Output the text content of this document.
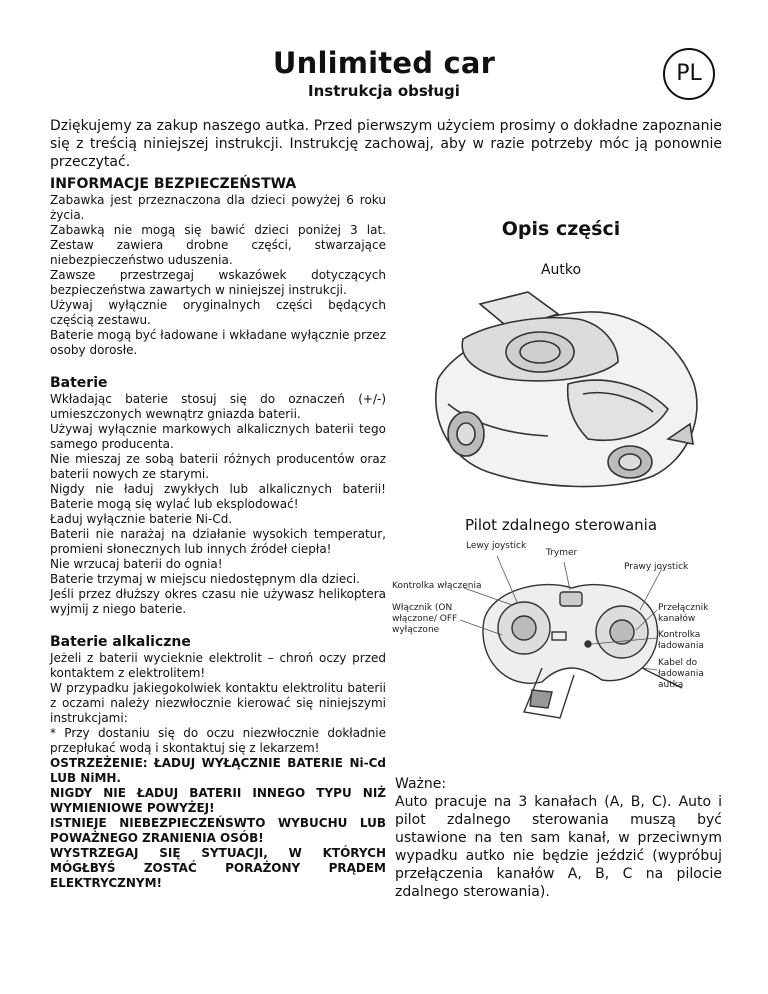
Unlimited car
Instrukcja obsługi
PL

Dziękujemy za zakup naszego autka. Przed pierwszym użyciem prosimy o dokładne zapoznanie się z treścią niniejszej instrukcji. Instrukcję zachowaj, aby w razie potrzeby móc ją ponownie przeczytać.

INFORMACJE BEZPIECZEŃSTWA

Zabawka jest przeznaczona dla dzieci powyżej 6 roku życia.

Zabawką nie mogą się bawić dzieci poniżej 3 lat. Zestaw zawiera drobne części, stwarzające niebezpieczeństwo uduszenia.

Zawsze przestrzegaj wskazówek dotyczących bezpieczeństwa zawartych w niniejszej instrukcji.

Używaj wyłącznie oryginalnych części będących częścią zestawu.

Baterie mogą być ładowane i wkładane wyłącznie przez osoby dorosłe.

Baterie

Wkładając baterie stosuj się do oznaczeń (+/-) umieszczonych wewnątrz gniazda baterii.

Używaj wyłącznie markowych alkalicznych baterii tego samego producenta.

Nie mieszaj ze sobą baterii różnych producentów oraz baterii nowych ze starymi.

Nigdy nie ładuj zwykłych lub alkalicznych baterii! Baterie mogą się wylać lub eksplodować!

Ładuj wyłącznie baterie Ni-Cd.

Baterii nie narażaj na działanie wysokich temperatur, promieni słonecznych lub innych źródeł ciepła!

Nie wrzucaj baterii do ognia!

Baterie trzymaj w miejscu niedostępnym dla dzieci.

Jeśli przez dłuższy okres czasu nie używasz helikoptera wyjmij z niego baterie.

Baterie alkaliczne

Jeżeli z baterii wycieknie elektrolit – chroń oczy przed kontaktem z elektrolitem!

W przypadku jakiegokolwiek kontaktu elektrolitu baterii z oczami należy niezwłocznie kierować się niniejszymi instrukcjami:

* Przy dostaniu się do oczu niezwłocznie dokładnie przepłukać wodą i skontaktuj się z lekarzem!

OSTRZEŻENIE: ŁADUJ WYŁĄCZNIE BATERIE Ni-Cd LUB NiMH.

NIGDY NIE ŁADUJ BATERII INNEGO TYPU NIŻ WYMIENIOWE POWYŻEJ!

ISTNIEJE NIEBEZPIECZEŃSWTO WYBUCHU LUB POWAŻNEGO ZRANIENIA OSÓB!

WYSTRZEGAJ SIĘ SYTUACJI, W KTÓRYCH MÓGŁBYŚ ZOSTAĆ PORAŻONY PRĄDEM ELEKTRYCZNYM!

Opis części
Autko
Pilot zdalnego sterowania
Lewy joystick
Trymer
Prawy joystick
Kontrolka włączenia
Włącznik (ON włączone/ OFF wyłączone
Przełącznik kanałów
Kontrolka ładowania
Kabel do ładowania autka

Ważne:

Auto pracuje na 3 kanałach (A, B, C). Auto i pilot zdalnego sterowania muszą być ustawione na ten sam kanał, w przeciwnym wypadku autko nie będzie jeździć (wypróbuj przełączenia kanałów A, B, C na pilocie zdalnego sterowania).
